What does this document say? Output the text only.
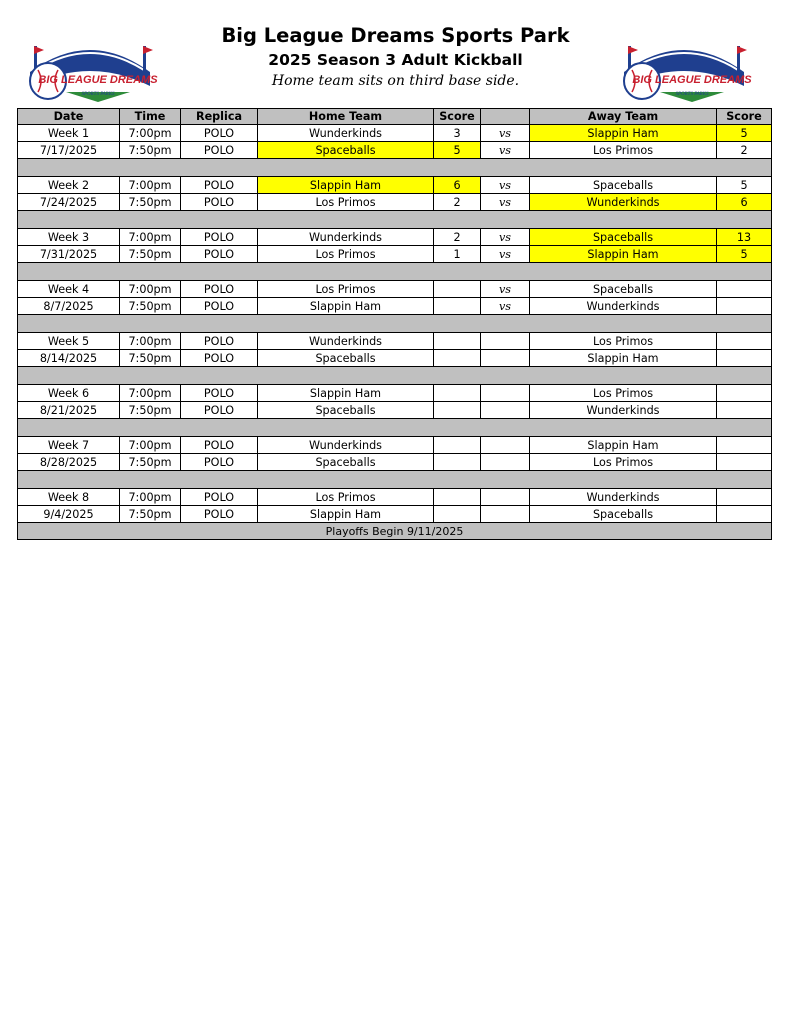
BIG LEAGUE DREAMS
SPORTS PARKS
BIG LEAGUE DREAMS
SPORTS PARKS
Big League Dreams Sports Park
2025 Season 3 Adult Kickball
Home team sits on third base side.
Date	Time	Replica	Home Team	Score		Away Team	Score
Week 1	7:00pm	POLO	Wunderkinds	3	vs	Slappin Ham	5
7/17/2025	7:50pm	POLO	Spaceballs	5	vs	Los Primos	2

Week 2	7:00pm	POLO	Slappin Ham	6	vs	Spaceballs	5
7/24/2025	7:50pm	POLO	Los Primos	2	vs	Wunderkinds	6

Week 3	7:00pm	POLO	Wunderkinds	2	vs	Spaceballs	13
7/31/2025	7:50pm	POLO	Los Primos	1	vs	Slappin Ham	5

Week 4	7:00pm	POLO	Los Primos		vs	Spaceballs	
8/7/2025	7:50pm	POLO	Slappin Ham		vs	Wunderkinds	

Week 5	7:00pm	POLO	Wunderkinds			Los Primos	
8/14/2025	7:50pm	POLO	Spaceballs			Slappin Ham	

Week 6	7:00pm	POLO	Slappin Ham			Los Primos	
8/21/2025	7:50pm	POLO	Spaceballs			Wunderkinds	

Week 7	7:00pm	POLO	Wunderkinds			Slappin Ham	
8/28/2025	7:50pm	POLO	Spaceballs			Los Primos	

Week 8	7:00pm	POLO	Los Primos			Wunderkinds	
9/4/2025	7:50pm	POLO	Slappin Ham			Spaceballs	
Playoffs Begin 9/11/2025							
